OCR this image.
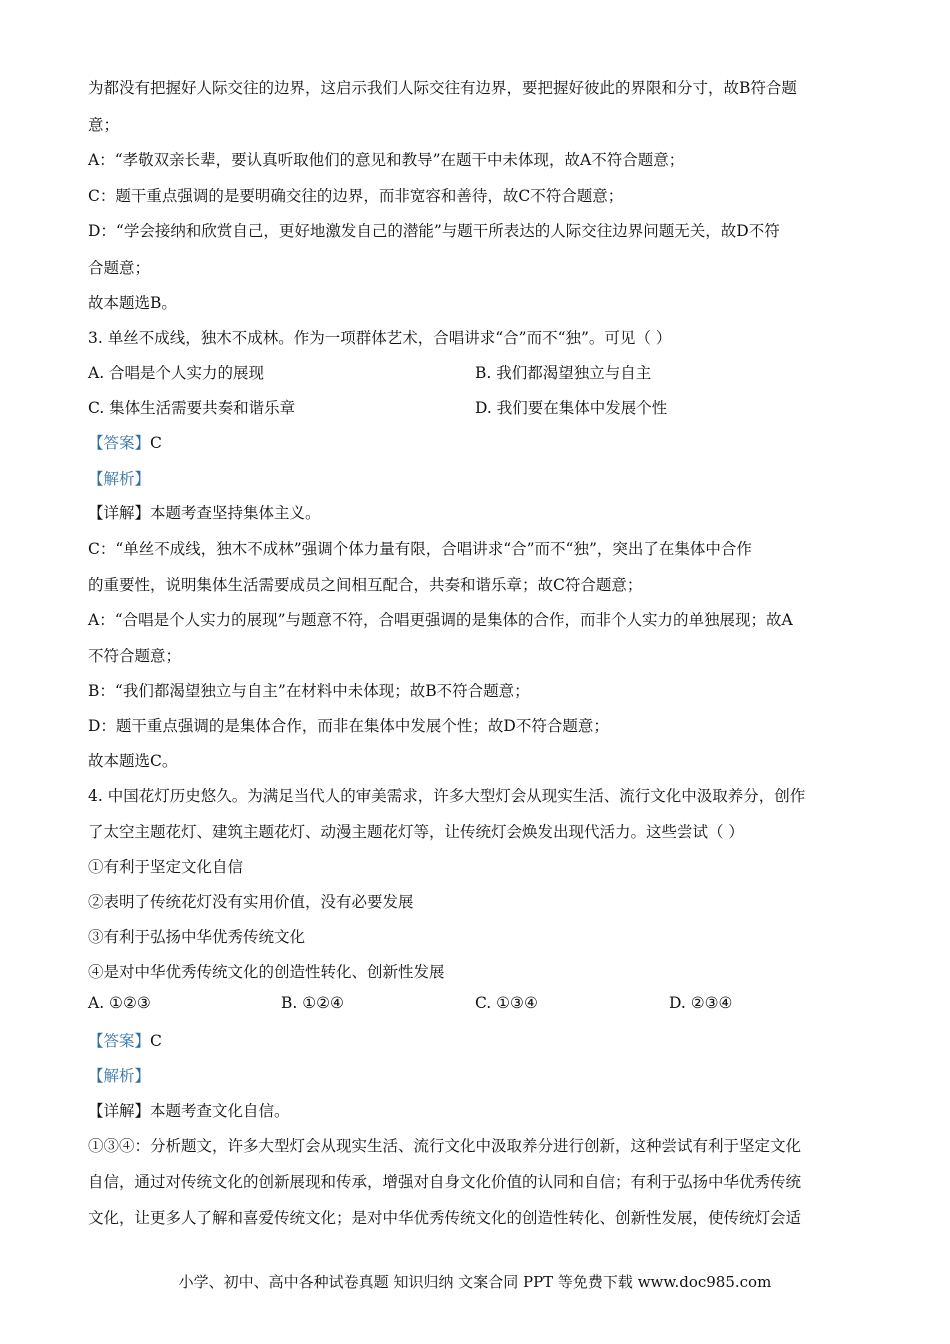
为都没有把握好人际交往的边界，这启示我们人际交往有边界，要把握好彼此的界限和分寸，故B符合题
意；
A：“孝敬双亲长辈，要认真听取他们的意见和教导”在题干中未体现，故A不符合题意；
C：题干重点强调的是要明确交往的边界，而非宽容和善待，故C不符合题意；
D：“学会接纳和欣赏自己，更好地激发自己的潜能”与题干所表达的人际交往边界问题无关，故D不符
合题意；
故本题选B。
3. 单丝不成线，独木不成林。作为一项群体艺术，合唱讲求“合”而不“独”。可见（ ）
A. 合唱是个人实力的展现	B. 我们都渴望独立与自主
C. 集体生活需要共奏和谐乐章	D. 我们要在集体中发展个性
【答案】C
【解析】
【详解】本题考查坚持集体主义。
C：“单丝不成线，独木不成林”强调个体力量有限，合唱讲求“合”而不“独”，突出了在集体中合作
的重要性，说明集体生活需要成员之间相互配合，共奏和谐乐章；故C符合题意；
A：“合唱是个人实力的展现”与题意不符，合唱更强调的是集体的合作，而非个人实力的单独展现；故A
不符合题意；
B：“我们都渴望独立与自主”在材料中未体现；故B不符合题意；
D：题干重点强调的是集体合作，而非在集体中发展个性；故D不符合题意；
故本题选C。
4. 中国花灯历史悠久。为满足当代人的审美需求，许多大型灯会从现实生活、流行文化中汲取养分，创作
了太空主题花灯、建筑主题花灯、动漫主题花灯等，让传统灯会焕发出现代活力。这些尝试（ ）
①有利于坚定文化自信
②表明了传统花灯没有实用价值，没有必要发展
③有利于弘扬中华优秀传统文化
④是对中华优秀传统文化的创造性转化、创新性发展
A. ①②③	B. ①②④	C. ①③④	D. ②③④
【答案】C
【解析】
【详解】本题考查文化自信。
①③④：分析题文，许多大型灯会从现实生活、流行文化中汲取养分进行创新，这种尝试有利于坚定文化
自信，通过对传统文化的创新展现和传承，增强对自身文化价值的认同和自信；有利于弘扬中华优秀传统
文化，让更多人了解和喜爱传统文化；是对中华优秀传统文化的创造性转化、创新性发展，使传统灯会适
小学、初中、高中各种试卷真题 知识归纳 文案合同 PPT 等免费下载 www.doc985.com
